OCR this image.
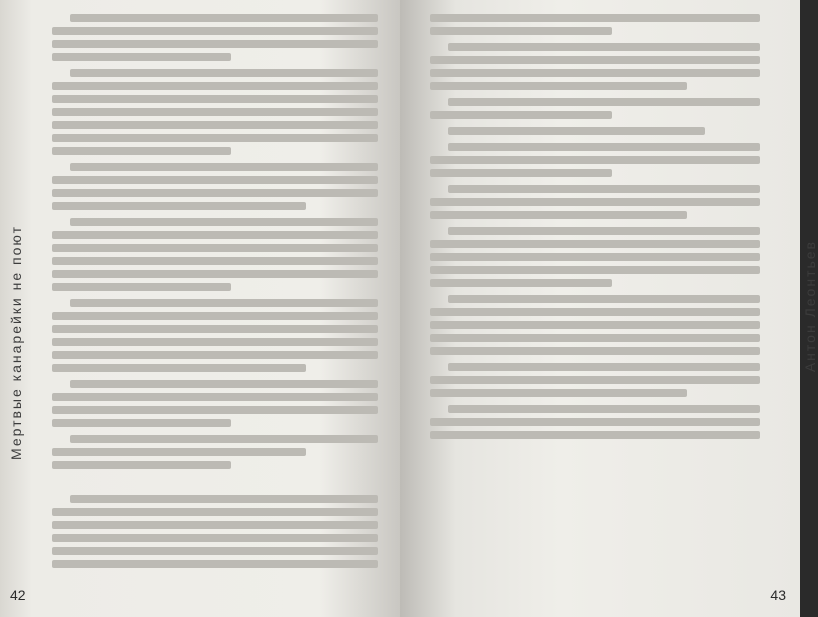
Мертвые канарейки не поют
42
Антон Леонтьев
43
